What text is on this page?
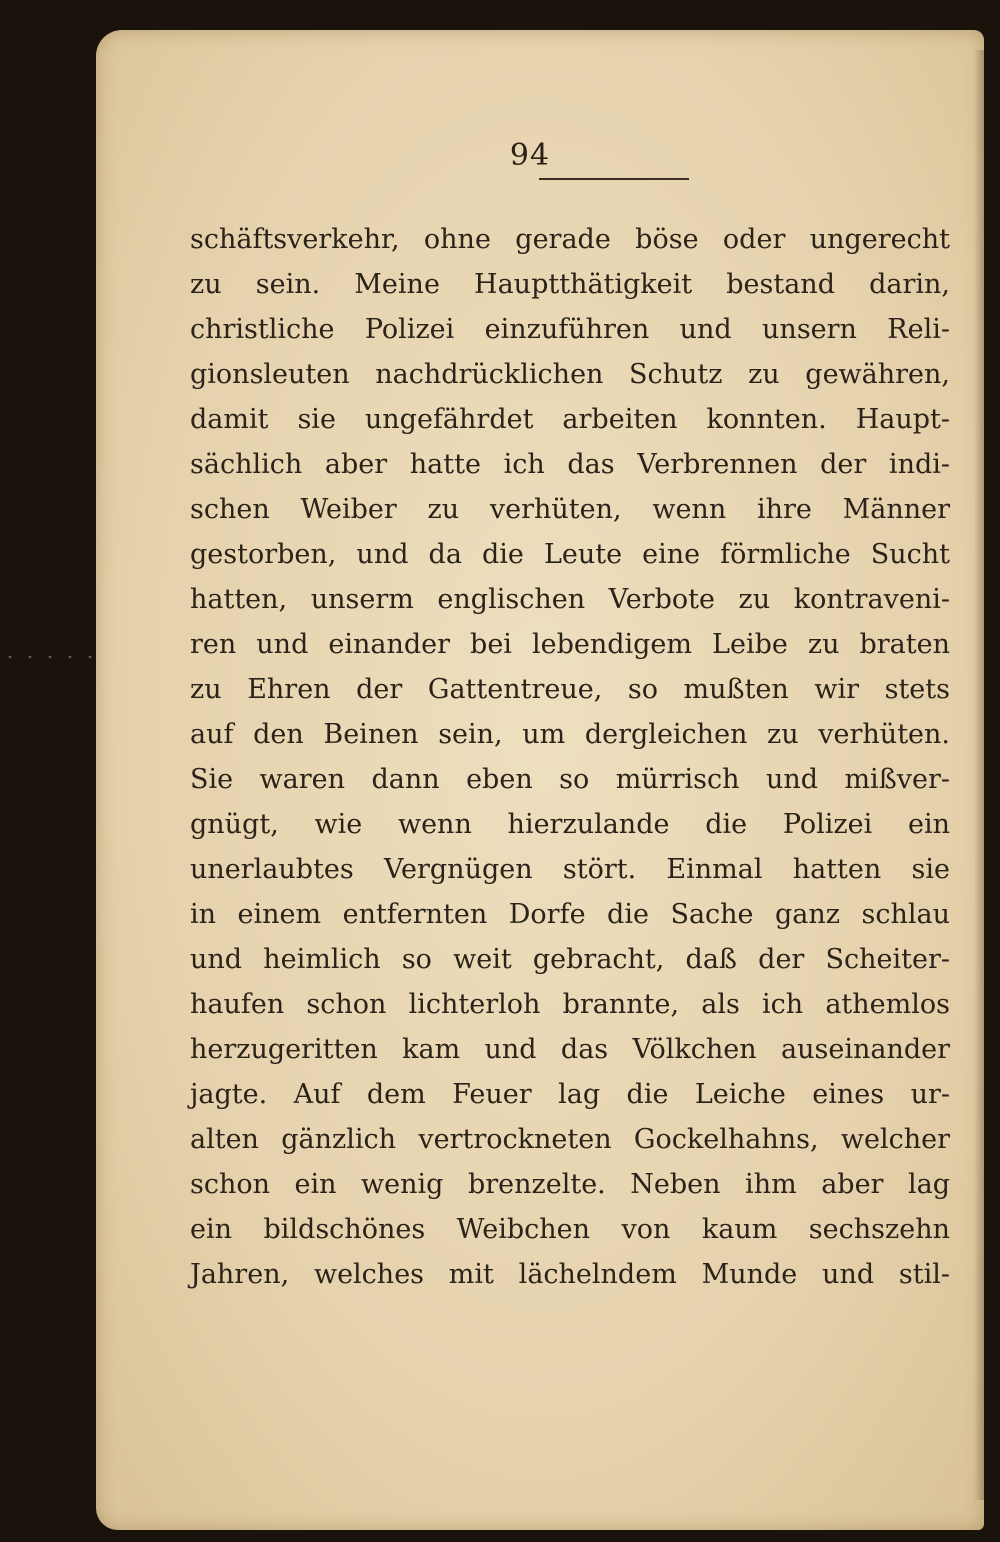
94
schäftsverkehr, ohne gerade böse oder ungerecht
zu sein. Meine Hauptthätigkeit bestand darin,
christliche Polizei einzuführen und unsern Reli-
gionsleuten nachdrücklichen Schutz zu gewähren,
damit sie ungefährdet arbeiten konnten. Haupt-
sächlich aber hatte ich das Verbrennen der indi-
schen Weiber zu verhüten, wenn ihre Männer
gestorben, und da die Leute eine förmliche Sucht
hatten, unserm englischen Verbote zu kontraveni-
ren und einander bei lebendigem Leibe zu braten
zu Ehren der Gattentreue, so mußten wir stets
auf den Beinen sein, um dergleichen zu verhüten.
Sie waren dann eben so mürrisch und mißver-
gnügt, wie wenn hierzulande die Polizei ein
unerlaubtes Vergnügen stört. Einmal hatten sie
in einem entfernten Dorfe die Sache ganz schlau
und heimlich so weit gebracht, daß der Scheiter-
haufen schon lichterloh brannte, als ich athemlos
herzugeritten kam und das Völkchen auseinander
jagte. Auf dem Feuer lag die Leiche eines ur-
alten gänzlich vertrockneten Gockelhahns, welcher
schon ein wenig brenzelte. Neben ihm aber lag
ein bildschönes Weibchen von kaum sechszehn
Jahren, welches mit lächelndem Munde und stil-
